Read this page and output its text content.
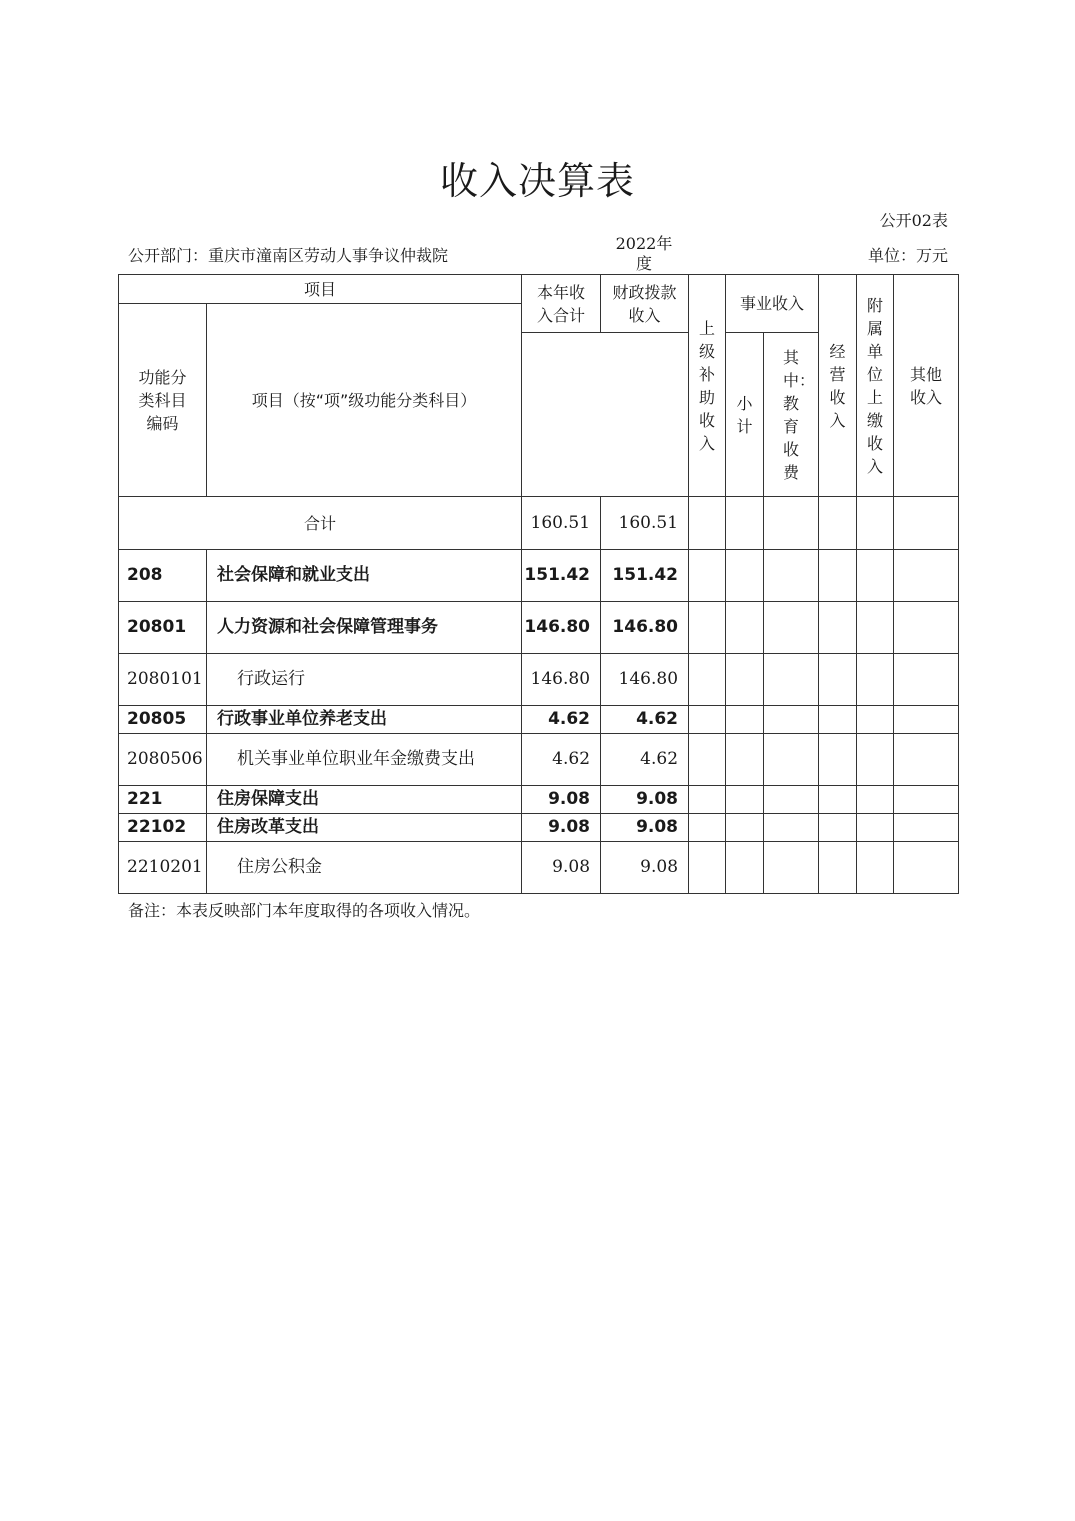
收入决算表
公开02表
公开部门：重庆市潼南区劳动人事争议仲裁院
2022年度	单位：万元
项目		本年收入合计	财政拨款收入	上级补助收入	事业收入		经营收入	附属单位上缴收入	其他收入
功能分类科目编码	项目（按“项”级功能分类科目）								
					小计	其中：教育收费			
合计		160.51	160.51						
208	社会保障和就业支出	151.42	151.42						
20801	人力资源和社会保障管理事务	146.80	146.80						
2080101	行政运行	146.80	146.80						
20805	行政事业单位养老支出	4.62	4.62						
2080506	机关事业单位职业年金缴费支出	4.62	4.62						
221	住房保障支出	9.08	9.08						
22102	住房改革支出	9.08	9.08						
2210201	住房公积金	9.08	9.08						
备注：本表反映部门本年度取得的各项收入情况。
